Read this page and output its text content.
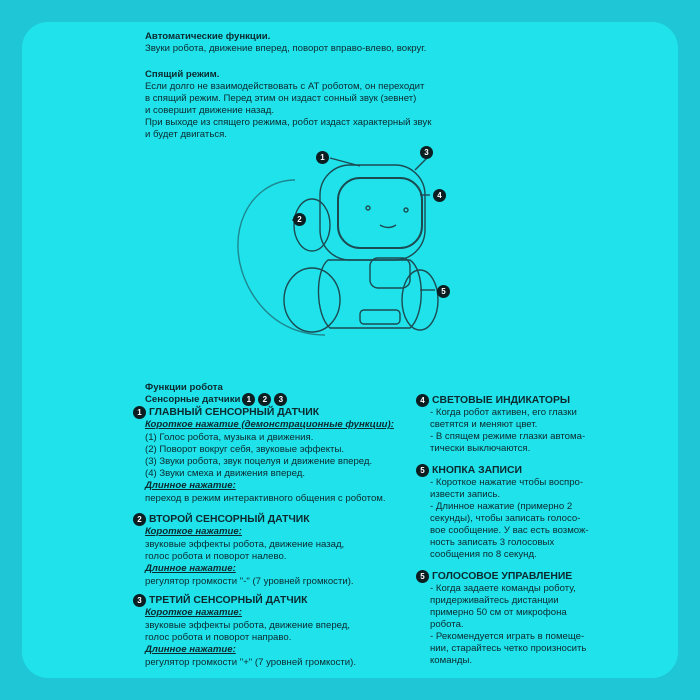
Автоматические функции.
Звуки робота, движение вперед, поворот вправо-влево, вокруг.
Спящий режим.
Если долго не взаимодействовать с АТ роботом, он переходит
в спящий режим. Перед этим он издаст сонный звук (зевнет)
и совершит движение назад.
При выходе из спящего режима, робот издаст характерный звук
и будет двигаться.
1
2
3
4
5
Функции робота
Сенсорные датчики 1	2	3
1 ГЛАВНЫЙ СЕНСОРНЫЙ ДАТЧИК
Короткое нажатие (демонстрационные функции):
(1) Голос робота, музыка и движения.
(2) Поворот вокруг себя, звуковые эффекты.
(3) Звуки робота, звук поцелуя и движение вперед.
(4) Звуки смеха и движения вперед.
Длинное нажатие:
переход в режим интерактивного общения с роботом.
2 ВТОРОЙ СЕНСОРНЫЙ ДАТЧИК
Короткое нажатие:
звуковые эффекты робота, движение назад,
голос робота и поворот налево.
Длинное нажатие:
регулятор громкости "-" (7 уровней громкости).
3 ТРЕТИЙ СЕНСОРНЫЙ ДАТЧИК
Короткое нажатие:
звуковые эффекты робота, движение вперед,
голос робота и поворот направо.
Длинное нажатие:
регулятор громкости "+" (7 уровней громкости).
4 СВЕТОВЫЕ ИНДИКАТОРЫ
- Когда робот активен, его глазки
светятся и меняют цвет.
- В спящем режиме глазки автома-
тически выключаются.
5 КНОПКА ЗАПИСИ
- Короткое нажатие чтобы воспро-
извести запись.
- Длинное нажатие (примерно 2
секунды), чтобы записать голосо-
вое сообщение. У вас есть возмож-
ность записать 3 голосовых
сообщения по 8 секунд.
5 ГОЛОСОВОЕ УПРАВЛЕНИЕ
- Когда задаете команды роботу,
придерживайтесь дистанции
примерно 50 см от микрофона
робота.
- Рекомендуется играть в помеще-
нии, старайтесь четко произносить
команды.
